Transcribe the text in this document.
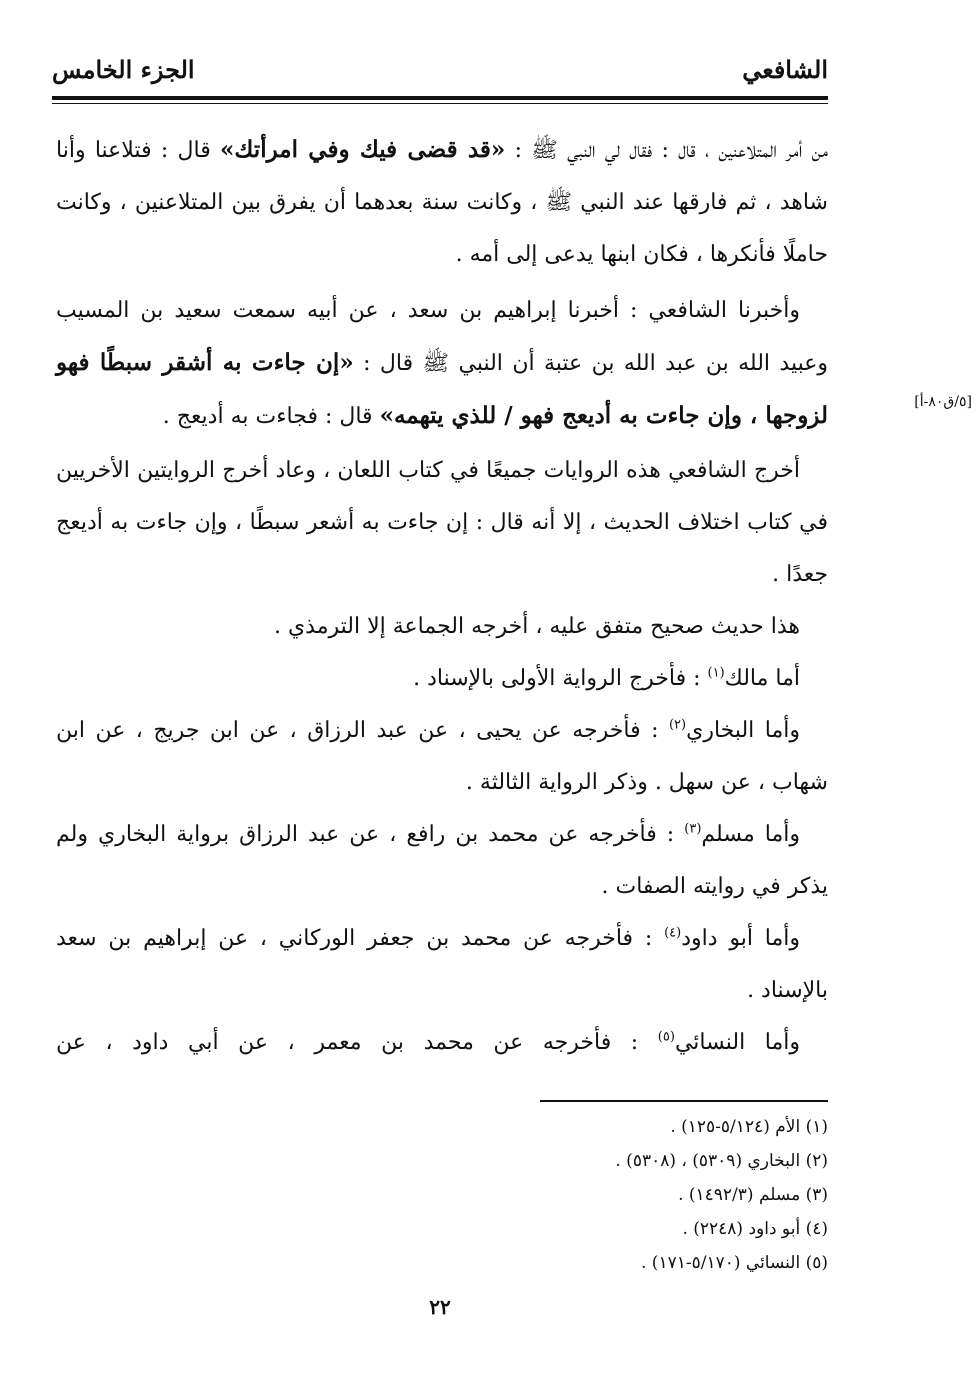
الشافعي
الجزء الخامس
[٥/ق٨٠-أ]

من أمر المتلاعنين ، قال : فقال لي النبي ﷺ : «قد قضى فيك وفي امرأتك» قال : فتلاعنا وأنا شاهد ، ثم فارقها عند النبي ﷺ ، وكانت سنة بعدهما أن يفرق بين المتلاعنين ، وكانت حاملًا فأنكرها ، فكان ابنها يدعى إلى أمه .

وأخبرنا الشافعي : أخبرنا إبراهيم بن سعد ، عن أبيه سمعت سعيد بن المسيب وعبيد الله بن عبد الله بن عتبة أن النبي ﷺ قال : «إن جاءت به أشقر سبطًا فهو لزوجها ، وإن جاءت به أديعج فهو / للذي يتهمه» قال : فجاءت به أديعج .

أخرج الشافعي هذه الروايات جميعًا في كتاب اللعان ، وعاد أخرج الروايتين الأخريين في كتاب اختلاف الحديث ، إلا أنه قال : إن جاءت به أشعر سبطًا ، وإن جاءت به أديعج جعدًا .

هذا حديث صحيح متفق عليه ، أخرجه الجماعة إلا الترمذي .

أما مالك$^{(١)}$ : فأخرج الرواية الأولى بالإسناد .

وأما البخاري$^{(٢)}$ : فأخرجه عن يحيى ، عن عبد الرزاق ، عن ابن جريج ، عن ابن شهاب ، عن سهل . وذكر الرواية الثالثة .

وأما مسلم$^{(٣)}$ : فأخرجه عن محمد بن رافع ، عن عبد الرزاق برواية البخاري ولم يذكر في روايته الصفات .

وأما أبو داود$^{(٤)}$ : فأخرجه عن محمد بن جعفر الوركاني ، عن إبراهيم بن سعد بالإسناد .

وأما النسائي$^{(٥)}$ : فأخرجه عن محمد بن معمر ، عن أبي داود ، عن

(١) الأم (٥/١٢٤-١٢٥) .

(٢) البخاري (٥٣٠٩) ، (٥٣٠٨) .

(٣) مسلم (١٤٩٢/٣) .

(٤) أبو داود (٢٢٤٨) .

(٥) النسائي (٥/١٧٠-١٧١) .

٢٢
